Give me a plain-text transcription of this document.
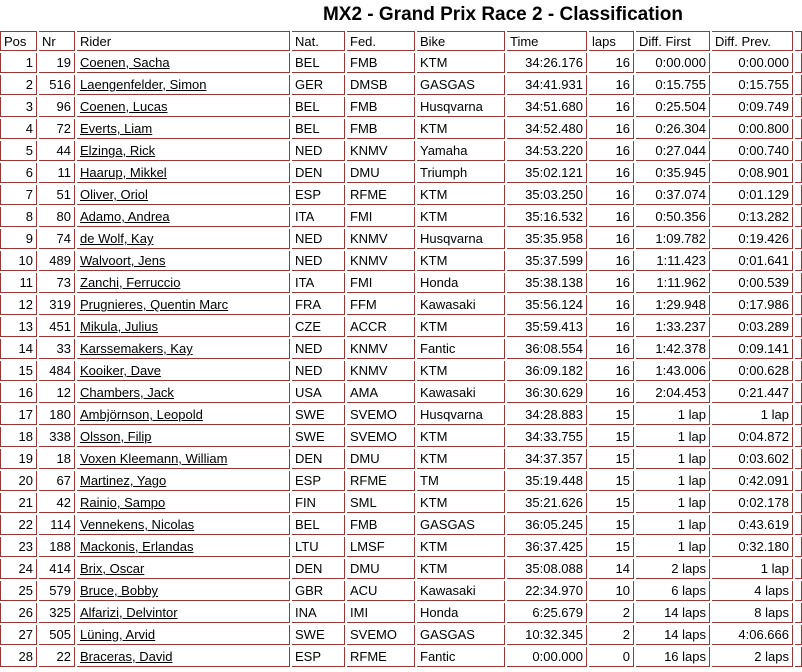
MX2 - Grand Prix Race 2 - Classification
Pos	Nr	Rider	Nat.	Fed.	Bike	Time	laps	Diff. First	Diff. Prev.	
1	19	Coenen, Sacha	BEL	FMB	KTM	34:26.176	16	0:00.000	0:00.000	
2	516	Laengenfelder, Simon	GER	DMSB	GASGAS	34:41.931	16	0:15.755	0:15.755	
3	96	Coenen, Lucas	BEL	FMB	Husqvarna	34:51.680	16	0:25.504	0:09.749	
4	72	Everts, Liam	BEL	FMB	KTM	34:52.480	16	0:26.304	0:00.800	
5	44	Elzinga, Rick	NED	KNMV	Yamaha	34:53.220	16	0:27.044	0:00.740	
6	11	Haarup, Mikkel	DEN	DMU	Triumph	35:02.121	16	0:35.945	0:08.901	
7	51	Oliver, Oriol	ESP	RFME	KTM	35:03.250	16	0:37.074	0:01.129	
8	80	Adamo, Andrea	ITA	FMI	KTM	35:16.532	16	0:50.356	0:13.282	
9	74	de Wolf, Kay	NED	KNMV	Husqvarna	35:35.958	16	1:09.782	0:19.426	
10	489	Walvoort, Jens	NED	KNMV	KTM	35:37.599	16	1:11.423	0:01.641	
11	73	Zanchi, Ferruccio	ITA	FMI	Honda	35:38.138	16	1:11.962	0:00.539	
12	319	Prugnieres, Quentin Marc	FRA	FFM	Kawasaki	35:56.124	16	1:29.948	0:17.986	
13	451	Mikula, Julius	CZE	ACCR	KTM	35:59.413	16	1:33.237	0:03.289	
14	33	Karssemakers, Kay	NED	KNMV	Fantic	36:08.554	16	1:42.378	0:09.141	
15	484	Kooiker, Dave	NED	KNMV	KTM	36:09.182	16	1:43.006	0:00.628	
16	12	Chambers, Jack	USA	AMA	Kawasaki	36:30.629	16	2:04.453	0:21.447	
17	180	Ambjörnson, Leopold	SWE	SVEMO	Husqvarna	34:28.883	15	1 lap	1 lap	
18	338	Olsson, Filip	SWE	SVEMO	KTM	34:33.755	15	1 lap	0:04.872	
19	18	Voxen Kleemann, William	DEN	DMU	KTM	34:37.357	15	1 lap	0:03.602	
20	67	Martinez, Yago	ESP	RFME	TM	35:19.448	15	1 lap	0:42.091	
21	42	Rainio, Sampo	FIN	SML	KTM	35:21.626	15	1 lap	0:02.178	
22	114	Vennekens, Nicolas	BEL	FMB	GASGAS	36:05.245	15	1 lap	0:43.619	
23	188	Mackonis, Erlandas	LTU	LMSF	KTM	36:37.425	15	1 lap	0:32.180	
24	414	Brix, Oscar	DEN	DMU	KTM	35:08.088	14	2 laps	1 lap	
25	579	Bruce, Bobby	GBR	ACU	Kawasaki	22:34.970	10	6 laps	4 laps	
26	325	Alfarizi, Delvintor	INA	IMI	Honda	6:25.679	2	14 laps	8 laps	
27	505	Lüning, Arvid	SWE	SVEMO	GASGAS	10:32.345	2	14 laps	4:06.666	
28	22	Braceras, David	ESP	RFME	Fantic	0:00.000	0	16 laps	2 laps	
